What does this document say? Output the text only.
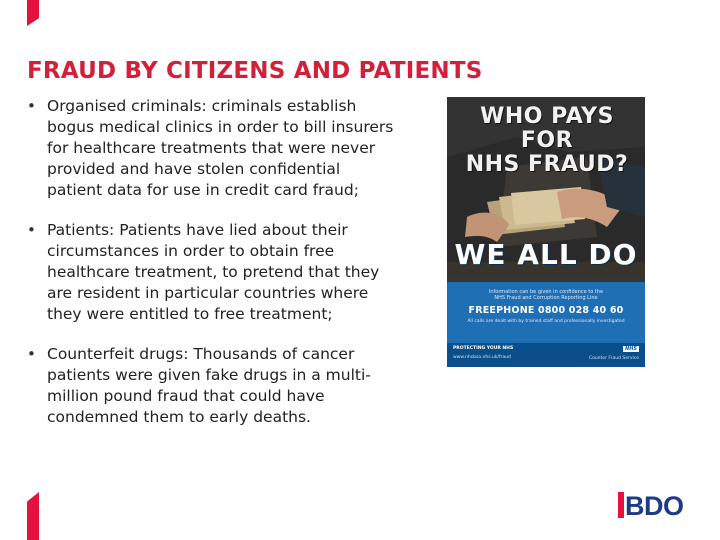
FRAUD BY CITIZENS AND PATIENTS
• Organised criminals: criminals establish
bogus medical clinics in order to bill insurers
for healthcare treatments that were never
provided and have stolen confidential
patient data for use in credit card fraud;
• Patients: Patients have lied about their
circumstances in order to obtain free
healthcare treatment, to pretend that they
are resident in particular countries where
they were entitled to free treatment;
• Counterfeit drugs: Thousands of cancer
patients were given fake drugs in a multi-
million pound fraud that could have
condemned them to early deaths.
WHO PAYS FOR
NHS FRAUD?
WE ALL DO
Information can be given in confidence to the
NHS Fraud and Corruption Reporting Line
FREEPHONE 0800 028 40 60
All calls are dealt with by trained staff and professionally investigated
PROTECTING YOUR NHS
www.nhsbsa.nhs.uk/fraud
NHS
Counter Fraud Service
BDO
